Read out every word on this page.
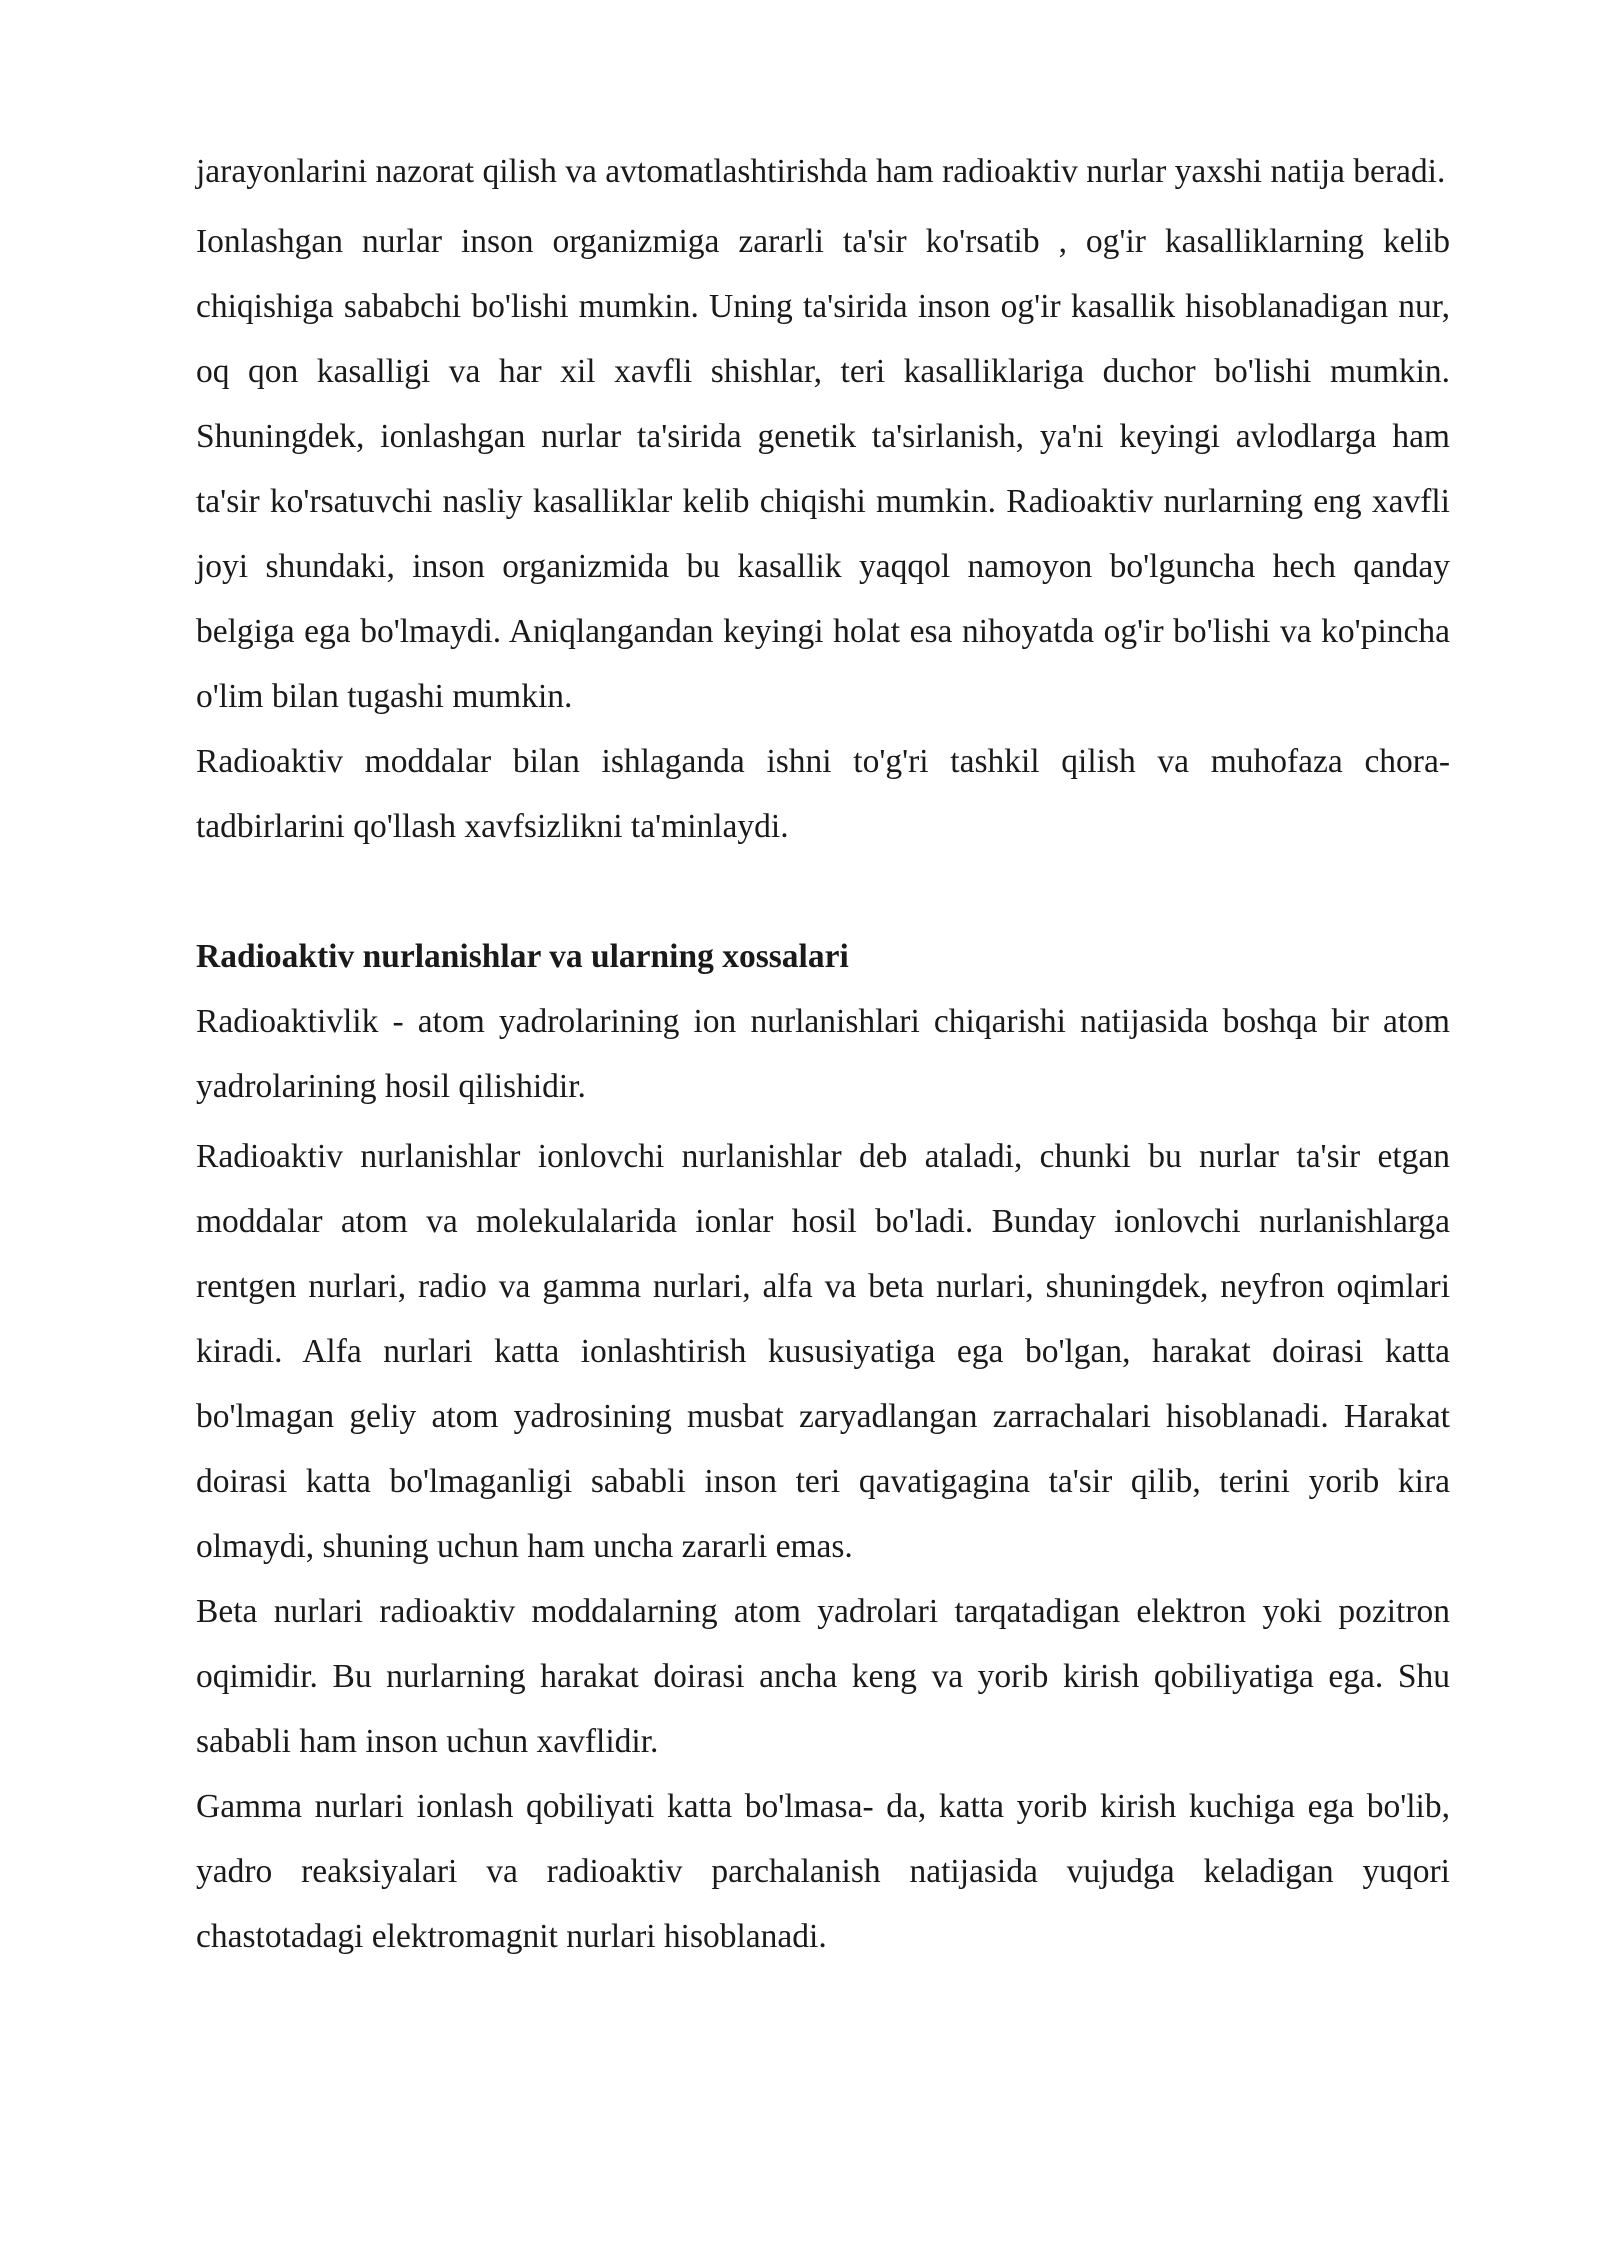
jarayonlarini nazorat qilish va avtomatlashtirishda ham radioaktiv nurlar yaxshi natija beradi.

Ionlashgan nurlar inson organizmiga zararli ta'sir ko'rsatib , og'ir kasalliklarning kelib chiqishiga sababchi bo'lishi mumkin. Uning ta'sirida inson og'ir kasallik hisoblanadigan nur, oq qon kasalligi va har xil xavfli shishlar, teri kasalliklariga duchor bo'lishi mumkin. Shuningdek, ionlashgan nurlar ta'sirida genetik ta'sirlanish, ya'ni keyingi avlodlarga ham ta'sir ko'rsatuvchi nasliy kasalliklar kelib chiqishi mumkin. Radioaktiv nurlarning eng xavfli joyi shundaki, inson organizmida bu kasallik yaqqol namoyon bo'lguncha hech qanday belgiga ega bo'lmaydi. Aniqlangandan keyingi holat esa nihoyatda og'ir bo'lishi va ko'pincha o'lim bilan tugashi mumkin.

Radioaktiv moddalar bilan ishlaganda ishni to'g'ri tashkil qilish va muhofaza chora-tadbirlarini qo'llash xavfsizlikni ta'minlaydi.

Radioaktiv nurlanishlar va ularning xossalari

Radioaktivlik - atom yadrolarining ion nurlanishlari chiqarishi natijasida boshqa bir atom yadrolarining hosil qilishidir.

Radioaktiv nurlanishlar ionlovchi nurlanishlar deb ataladi, chunki bu nurlar ta'sir etgan moddalar atom va molekulalarida ionlar hosil bo'ladi. Bunday ionlovchi nurlanishlarga rentgen nurlari, radio va gamma nurlari, alfa va beta nurlari, shuningdek, neyfron oqimlari kiradi. Alfa nurlari katta ionlashtirish kususiyatiga ega bo'lgan, harakat doirasi katta bo'lmagan geliy atom yadrosining musbat zaryadlangan zarrachalari hisoblanadi. Harakat doirasi katta bo'lmaganligi sababli inson teri qavatigagina ta'sir qilib, terini yorib kira olmaydi, shuning uchun ham uncha zararli emas.

Beta nurlari radioaktiv moddalarning atom yadrolari tarqatadigan elektron yoki pozitron oqimidir. Bu nurlarning harakat doirasi ancha keng va yorib kirish qobiliyatiga ega. Shu sababli ham inson uchun xavflidir.

Gamma nurlari ionlash qobiliyati katta bo'lmasa- da, katta yorib kirish kuchiga ega bo'lib, yadro reaksiyalari va radioaktiv parchalanish natijasida vujudga keladigan yuqori chastotadagi elektromagnit nurlari hisoblanadi.
